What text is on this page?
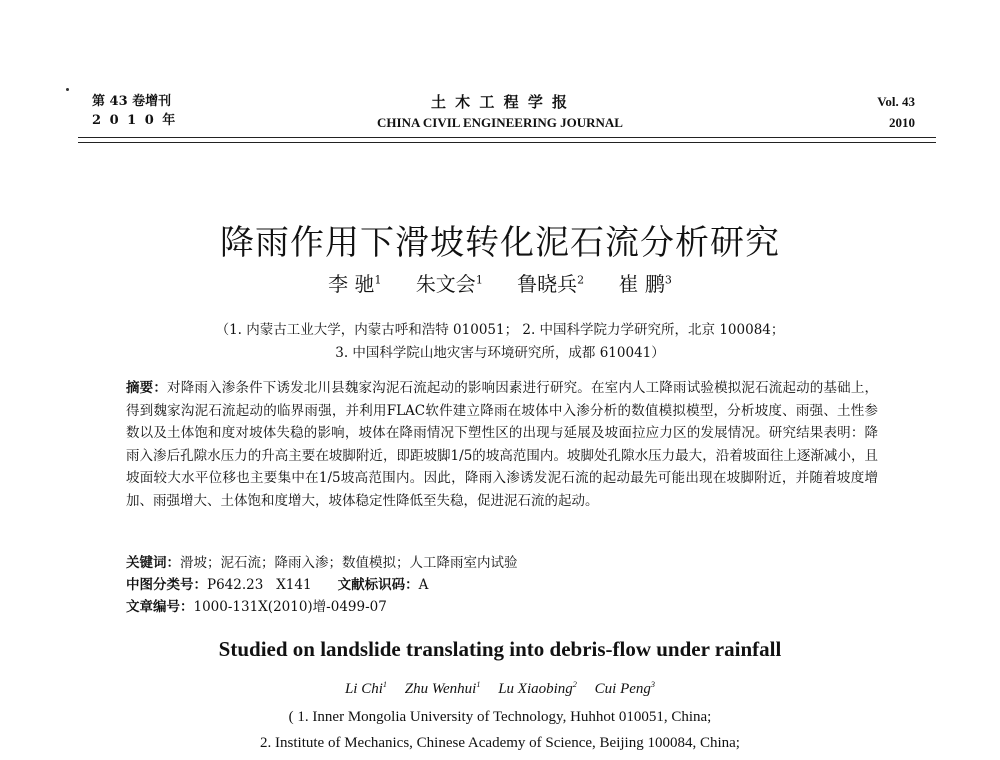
第 43 卷增刊
2 0 1 0 年
土 木 工 程 学 报
CHINA CIVIL ENGINEERING JOURNAL
Vol. 43
2010
降雨作用下滑坡转化泥石流分析研究
李 驰$^1$ 朱文会$^1$ 鲁晓兵$^2$ 崔 鹏$^3$
（1. 内蒙古工业大学，内蒙古呼和浩特 010051； 2. 中国科学院力学研究所，北京 100084；
3. 中国科学院山地灾害与环境研究所，成都 610041）

摘要：对降雨入渗条件下诱发北川县魏家沟泥石流起动的影响因素进行研究。在室内人工降雨试验模拟泥石流起动的基础上，得到魏家沟泥石流起动的临界雨强，并利用FLAC软件建立降雨在坡体中入渗分析的数值模拟模型，分析坡度、雨强、土性参数以及土体饱和度对坡体失稳的影响，坡体在降雨情况下塑性区的出现与延展及坡面拉应力区的发展情况。研究结果表明：降雨入渗后孔隙水压力的升高主要在坡脚附近，即距坡脚1/5的坡高范围内。坡脚处孔隙水压力最大，沿着坡面往上逐渐减小，且坡面较大水平位移也主要集中在1/5坡高范围内。因此，降雨入渗诱发泥石流的起动最先可能出现在坡脚附近，并随着坡度增加、雨强增大、土体饱和度增大，坡体稳定性降低至失稳，促进泥石流的起动。

关键词：滑坡；泥石流；降雨入渗；数值模拟；人工降雨室内试验
中图分类号：P642.23   X141 文献标识码：A
文章编号：1000-131X(2010)增-0499-07
Studied on landslide translating into debris-flow under rainfall
Li Chi$^1$ Zhu Wenhui$^1$ Lu Xiaobing$^2$ Cui Peng$^3$
( 1. Inner Mongolia University of Technology, Huhhot 010051, China;
2. Institute of Mechanics, Chinese Academy of Science, Beijing 100084, China;
